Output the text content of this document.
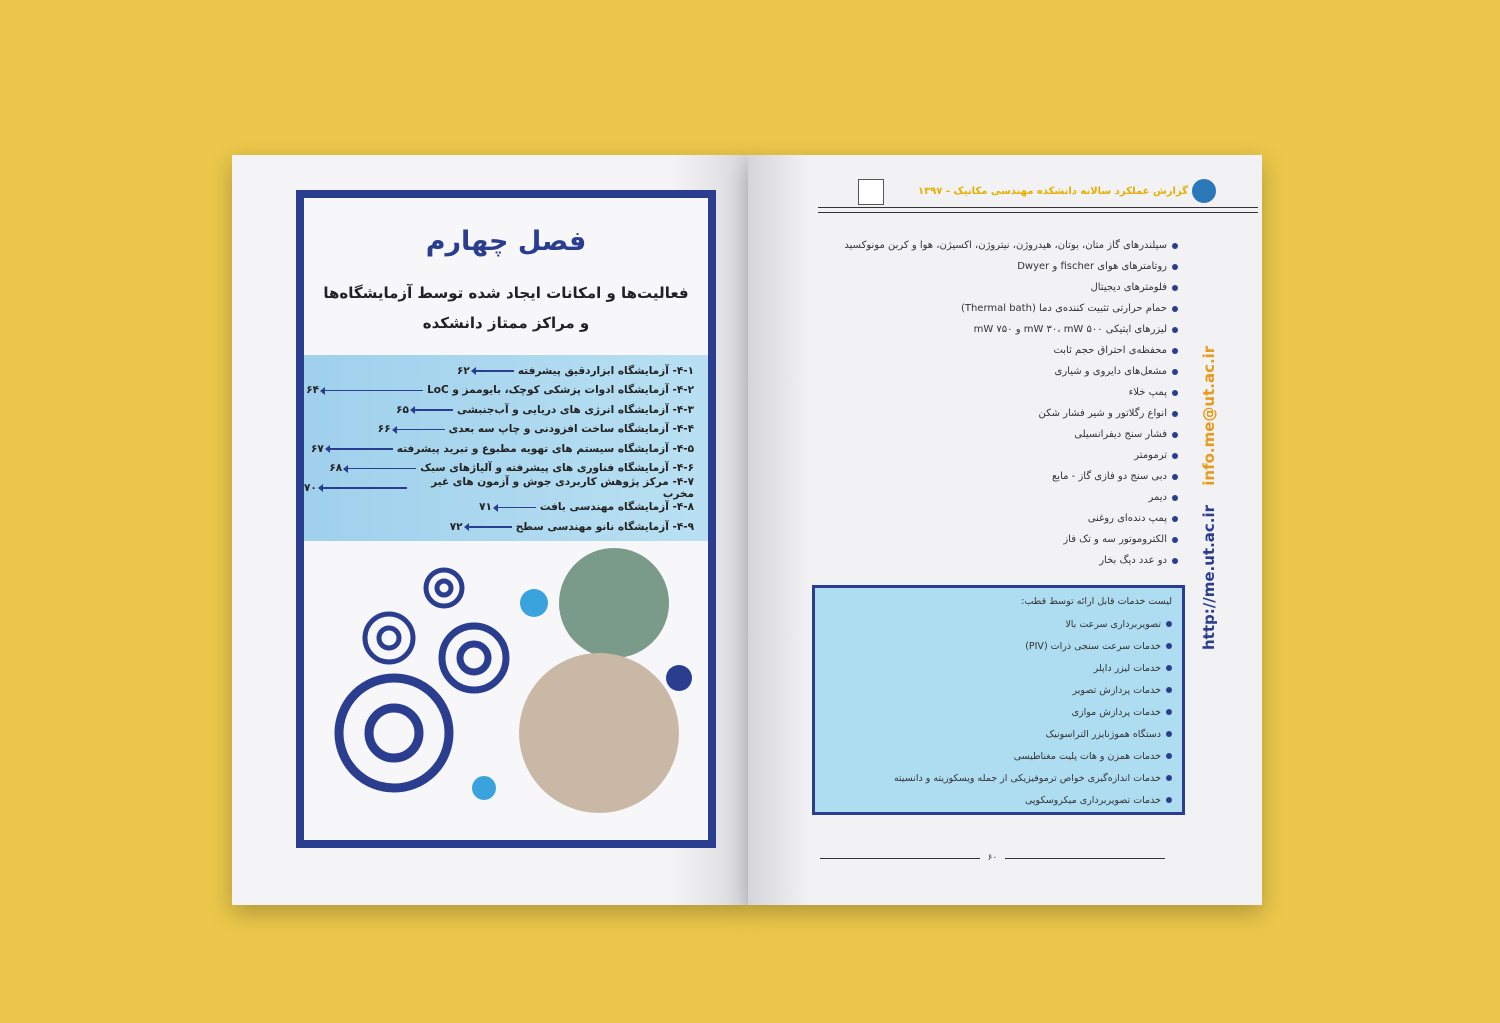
فصل چهارم
فعالیت‌ها و امکانات ایجاد شده توسط آزمایشگاه‌ها
و مراکز ممتاز دانشکده
۴-۱- آزمایشگاه ابزاردقیق پیشرفته
۶۲
۴-۲- آزمایشگاه ادوات پزشکی کوچک، بایوممز و LoC
۶۴
۴-۳- آزمایشگاه انرژی های دریایی و آب‌جنبشی
۶۵
۴-۴- آزمایشگاه ساخت افزودنی و چاپ سه بعدی
۶۶
۴-۵- آزمایشگاه سیستم های تهویه مطبوع و تبرید پیشرفته
۶۷
۴-۶- آزمایشگاه فناوری های پیشرفته و آلیاژهای سبک
۶۸
۴-۷- مرکز پژوهش کاربردی جوش و آزمون های غیر مخرب
۷۰
۴-۸- آزمایشگاه مهندسی بافت
۷۱
۴-۹- آزمایشگاه نانو مهندسی سطح
۷۲
گزارش عملکرد سالانه دانشکده مهندسی مکانیک - ۱۳۹۷
سیلندرهای گاز متان، بوتان، هیدروژن، نیتروژن، اکسیژن، هوا و کربن مونوکسید
روتامترهای هوای fischer و Dwyer
فلومترهای دیجیتال
حمام حرارتی تثبیت کننده‌ی دما (Thermal bath)
لیزرهای اپتیکی mW ۳۰، mW ۵۰۰ و mW ۷۵۰
محفظه‌ی احتراق حجم ثابت
مشعل‌های دایروی و شیاری
پمپ خلاء
انواع رگلاتور و شیر فشار شکن
فشار سنج دیفرانسیلی
ترمومتر
دبی سنج دو فازی گاز - مایع
دیمر
پمپ دنده‌ای روغنی
الکتروموتور سه و تک فاز
دو عدد دیگ بخار
لیست خدمات قابل ارائه توسط قطب:
تصویربرداری سرعت بالا
خدمات سرعت سنجی ذرات (PIV)
خدمات لیزر داپلر
خدمات پردازش تصویر
خدمات پردازش موازی
دستگاه هموژنایزر التراسونیک
خدمات همزن و هات پلیت مغناطیسی
خدمات اندازه‌گیری خواص ترموفیزیکی از جمله ویسکوزیته و دانسیته
خدمات تصویربرداری میکروسکوپی
۶۰
http://me.ut.ac.ir info.me@ut.ac.ir
